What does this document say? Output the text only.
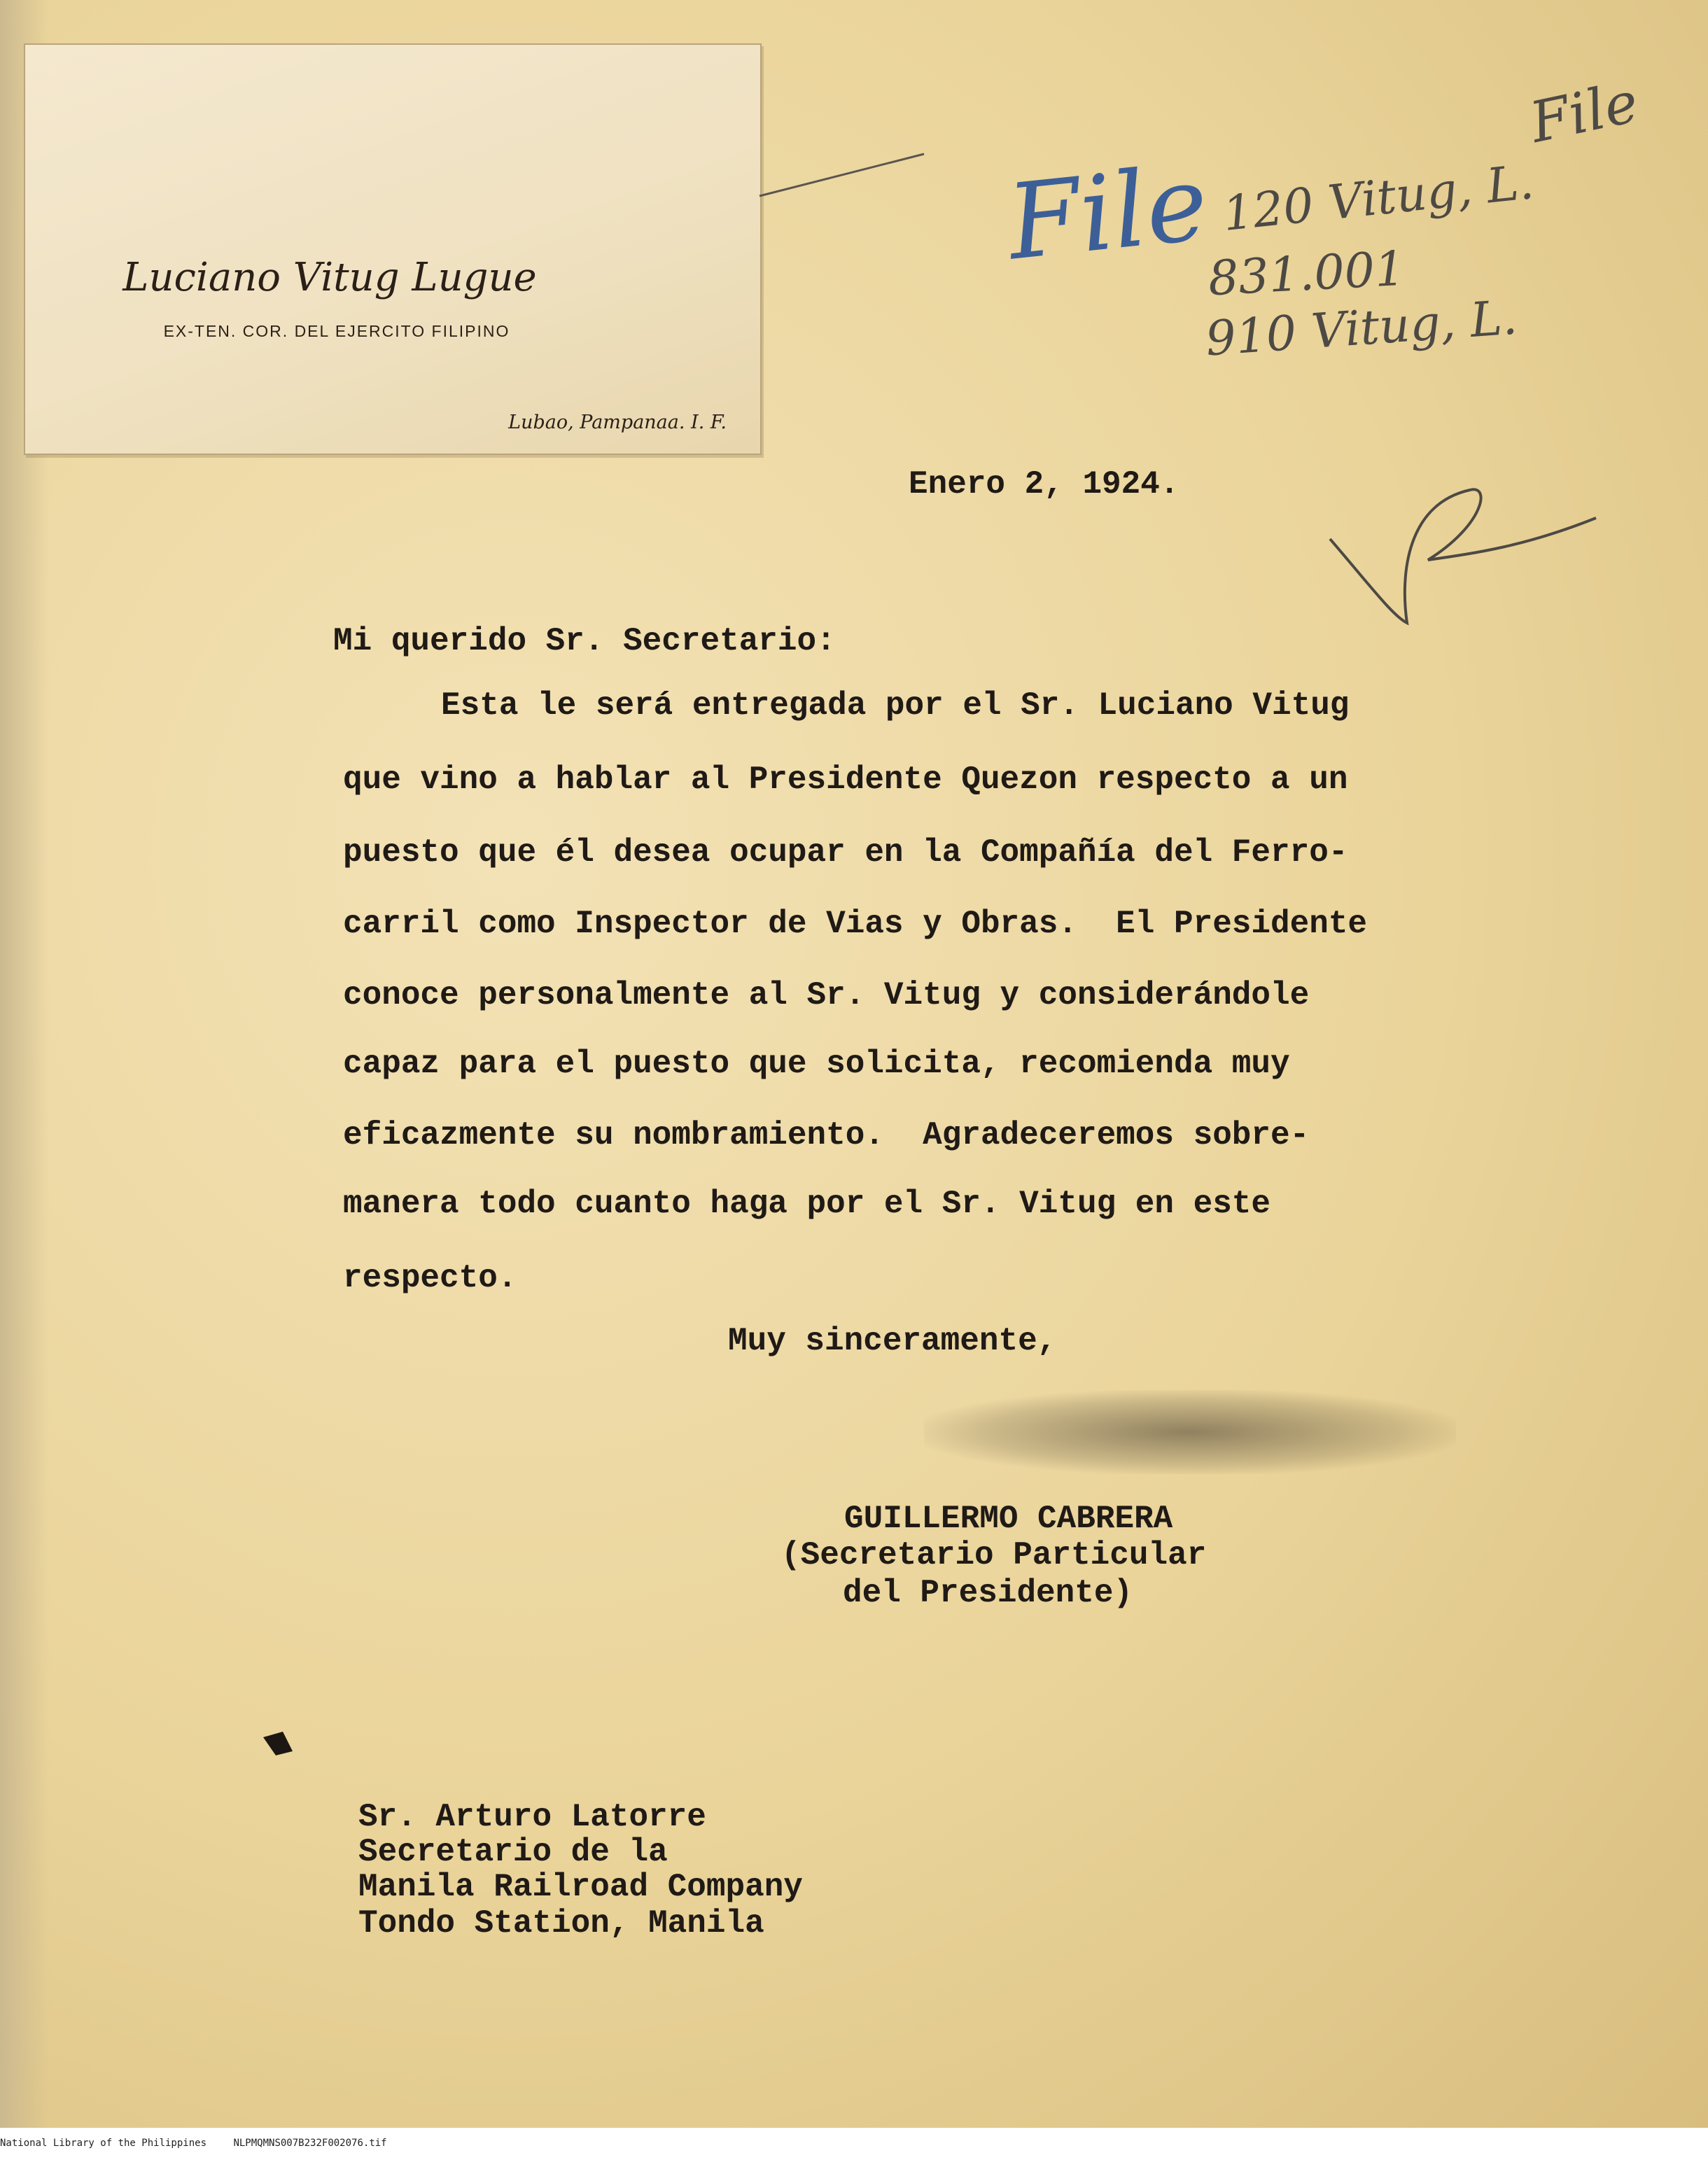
Luciano Vitug Lugue
EX-TEN. COR. DEL EJERCITO FILIPINO
Lubao, Pampanaa. I. F.
File 120 Vitug, L.
831.001
910 Vitug, L.
File
Enero 2, 1924.
Mi querido Sr. Secretario:
Esta le será entregada por el Sr. Luciano Vitug
que vino a hablar al Presidente Quezon respecto a un
puesto que él desea ocupar en la Compañía del Ferro-
carril como Inspector de Vias y Obras.  El Presidente
conoce personalmente al Sr. Vitug y considerándole
capaz para el puesto que solicita, recomienda muy
eficazmente su nombramiento.  Agradeceremos sobre-
manera todo cuanto haga por el Sr. Vitug en este
respecto.
Muy sinceramente,
GUILLERMO CABRERA
(Secretario Particular
del Presidente)
Sr. Arturo Latorre
Secretario de la
Manila Railroad Company
Tondo Station, Manila
National Library of the Philippines	NLPMQMNS007B232F002076.tif
